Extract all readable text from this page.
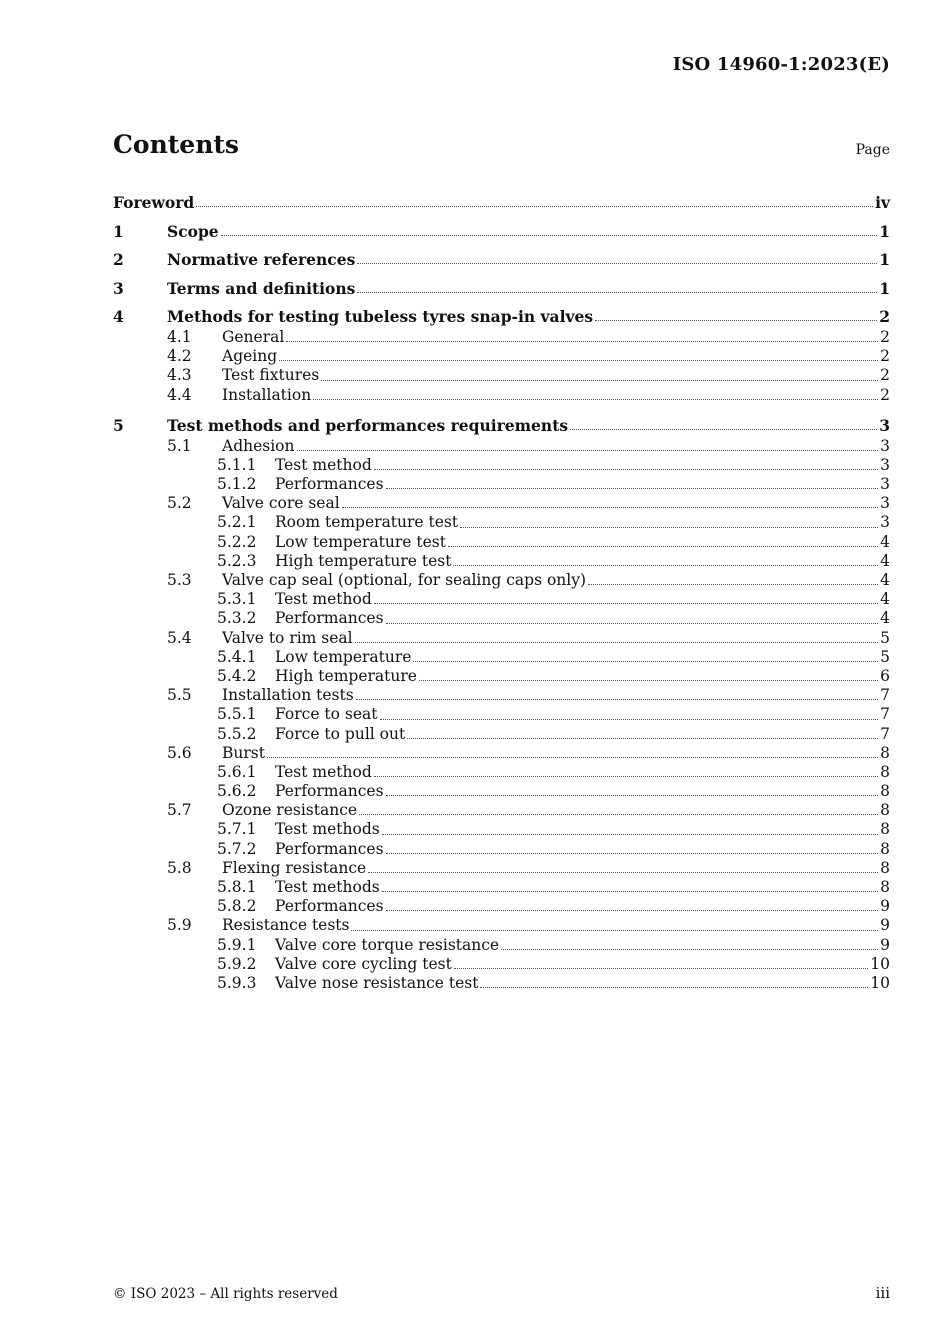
ISO 14960-1:2023(E)
Contents	Page
Foreword	iv
1	Scope	1
2	Normative references	1
3	Terms and definitions	1
4	Methods for testing tubeless tyres snap-in valves	2
4.1	General	2
4.2	Ageing	2
4.3	Test fixtures	2
4.4	Installation	2
5	Test methods and performances requirements	3
5.1	Adhesion	3
5.1.1	Test method	3
5.1.2	Performances	3
5.2	Valve core seal	3
5.2.1	Room temperature test	3
5.2.2	Low temperature test	4
5.2.3	High temperature test	4
5.3	Valve cap seal (optional, for sealing caps only)	4
5.3.1	Test method	4
5.3.2	Performances	4
5.4	Valve to rim seal	5
5.4.1	Low temperature	5
5.4.2	High temperature	6
5.5	Installation tests	7
5.5.1	Force to seat	7
5.5.2	Force to pull out	7
5.6	Burst	8
5.6.1	Test method	8
5.6.2	Performances	8
5.7	Ozone resistance	8
5.7.1	Test methods	8
5.7.2	Performances	8
5.8	Flexing resistance	8
5.8.1	Test methods	8
5.8.2	Performances	9
5.9	Resistance tests	9
5.9.1	Valve core torque resistance	9
5.9.2	Valve core cycling test	10
5.9.3	Valve nose resistance test	10
© ISO 2023 – All rights reserved	iii
